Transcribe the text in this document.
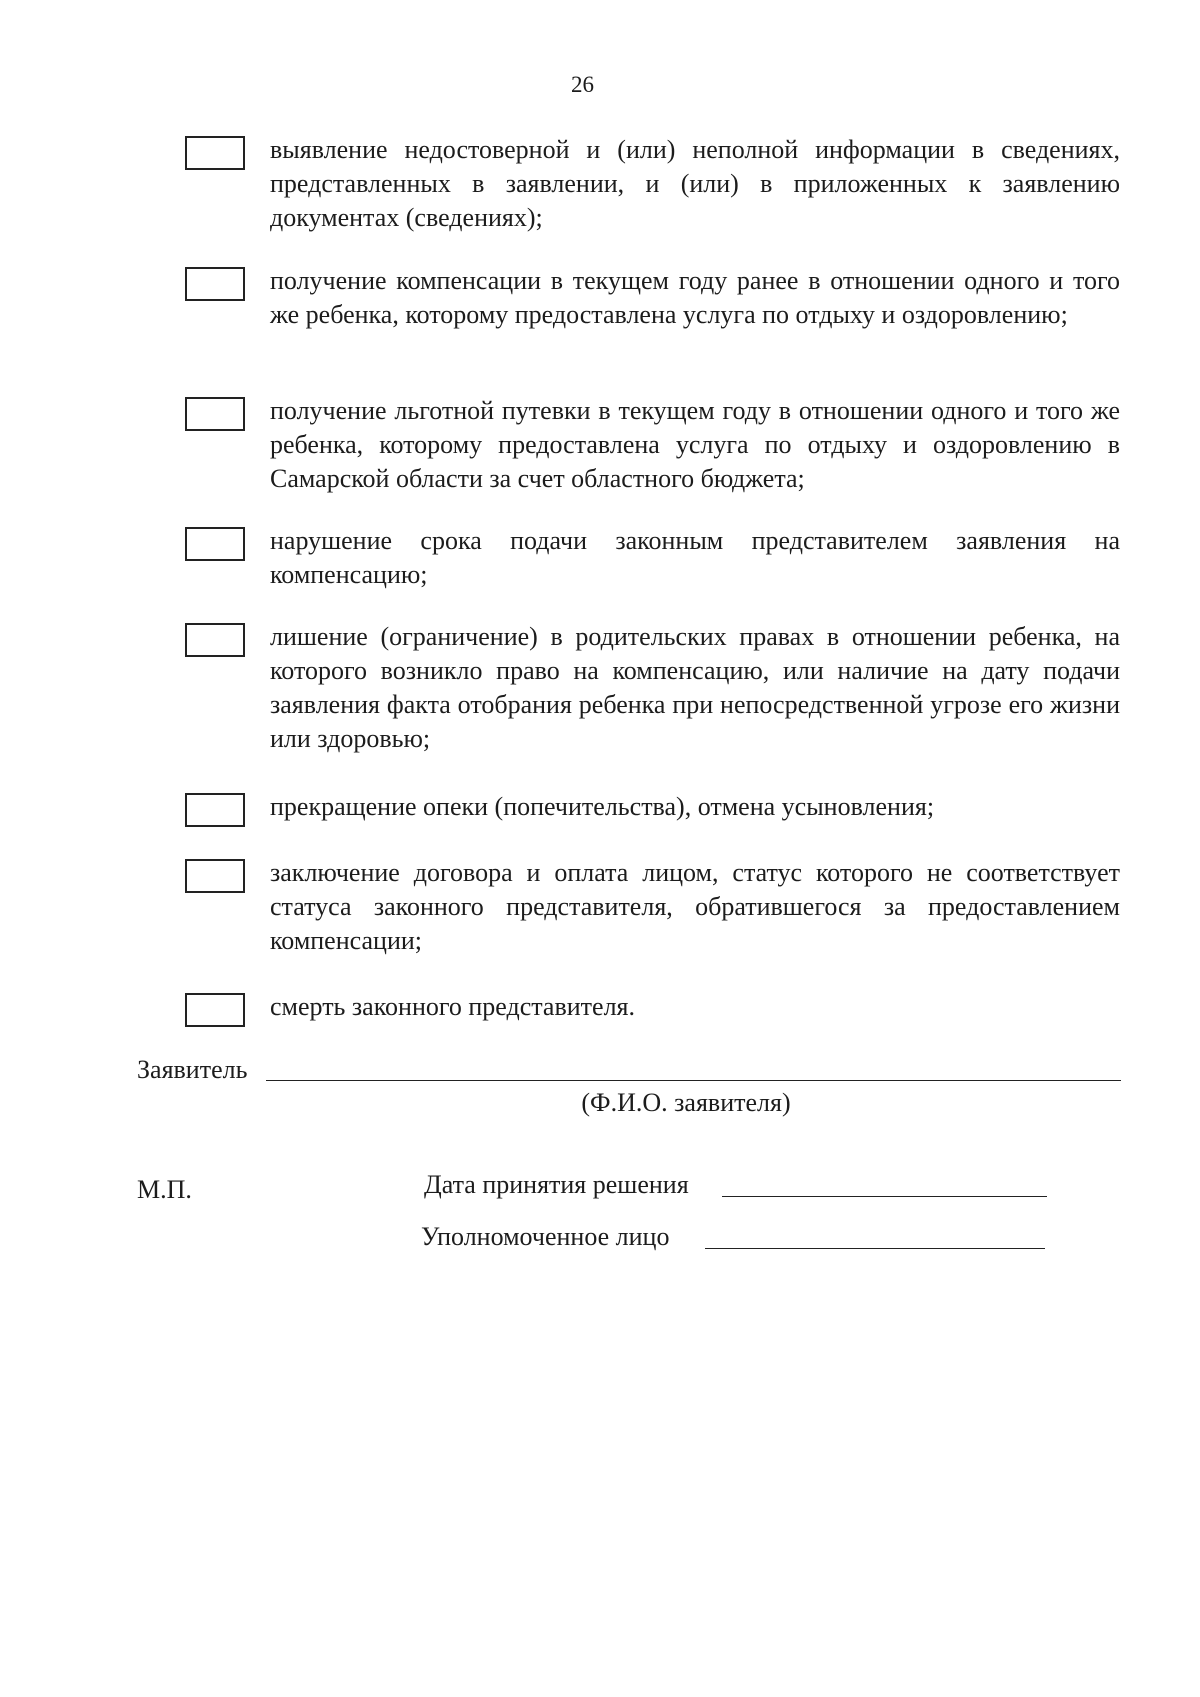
26
выявление недостоверной и (или) неполной информации в сведениях, представленных в заявлении, и (или) в приложенных к заявлению документах (сведениях);
получение компенсации в текущем году ранее в отношении одного и того же ребенка, которому предоставлена услуга по отдыху и оздоровлению;
получение льготной путевки в текущем году в отношении одного и того же ребенка, которому предоставлена услуга по отдыху и оздоровлению в Самарской области за счет областного бюджета;
нарушение срока подачи законным представителем заявления на компенсацию;
лишение (ограничение) в родительских правах в отношении ребенка, на которого возникло право на компенсацию, или наличие на дату подачи заявления факта отобрания ребенка при непосредственной угрозе его жизни или здоровью;
прекращение опеки (попечительства), отмена усыновления;
заключение договора и оплата лицом, статус которого не соответствует статуса законного представителя, обратившегося за предоставлением компенсации;
смерть законного представителя.
Заявитель
(Ф.И.О. заявителя)
М.П.	Дата принятия решения
Уполномоченное лицо
